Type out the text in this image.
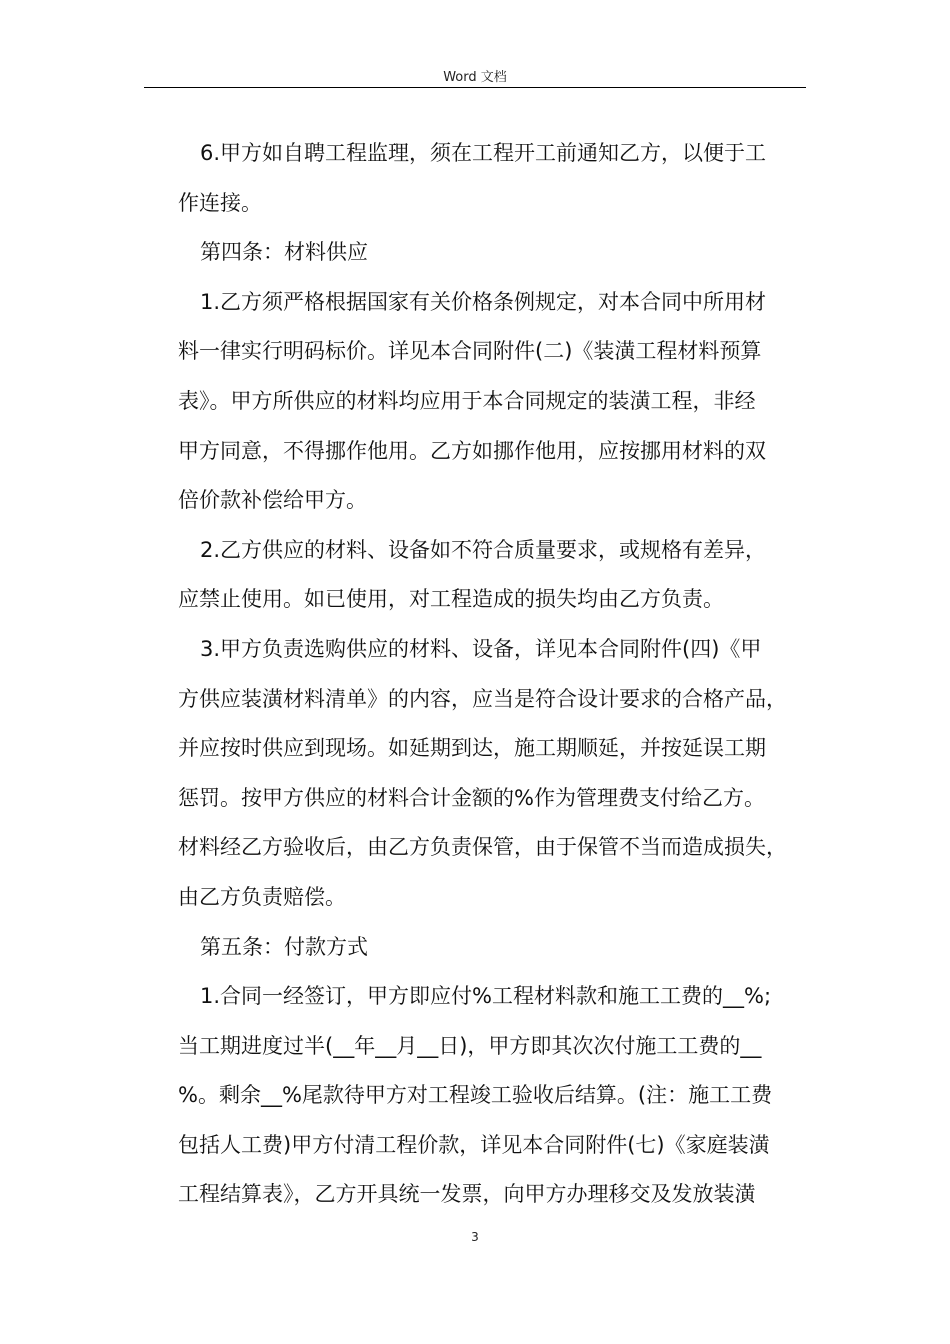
Word 文档
6.甲方如自聘工程监理，须在工程开工前通知乙方，以便于工
作连接。
第四条：材料供应
1.乙方须严格根据国家有关价格条例规定，对本合同中所用材
料一律实行明码标价。详见本合同附件(二)《装潢工程材料预算
表》。甲方所供应的材料均应用于本合同规定的装潢工程，非经
甲方同意，不得挪作他用。乙方如挪作他用，应按挪用材料的双
倍价款补偿给甲方。
2.乙方供应的材料、设备如不符合质量要求，或规格有差异，
应禁止使用。如已使用，对工程造成的损失均由乙方负责。
3.甲方负责选购供应的材料、设备，详见本合同附件(四)《甲
方供应装潢材料清单》的内容，应当是符合设计要求的合格产品，
并应按时供应到现场。如延期到达，施工期顺延，并按延误工期
惩罚。按甲方供应的材料合计金额的%作为管理费支付给乙方。
材料经乙方验收后，由乙方负责保管，由于保管不当而造成损失，
由乙方负责赔偿。
第五条：付款方式
1.合同一经签订，甲方即应付%工程材料款和施工工费的__%;
当工期进度过半(__年__月__日)，甲方即其次次付施工工费的__
%。剩余__%尾款待甲方对工程竣工验收后结算。(注：施工工费
包括人工费)甲方付清工程价款，详见本合同附件(七)《家庭装潢
工程结算表》，乙方开具统一发票，向甲方办理移交及发放装潢
3
